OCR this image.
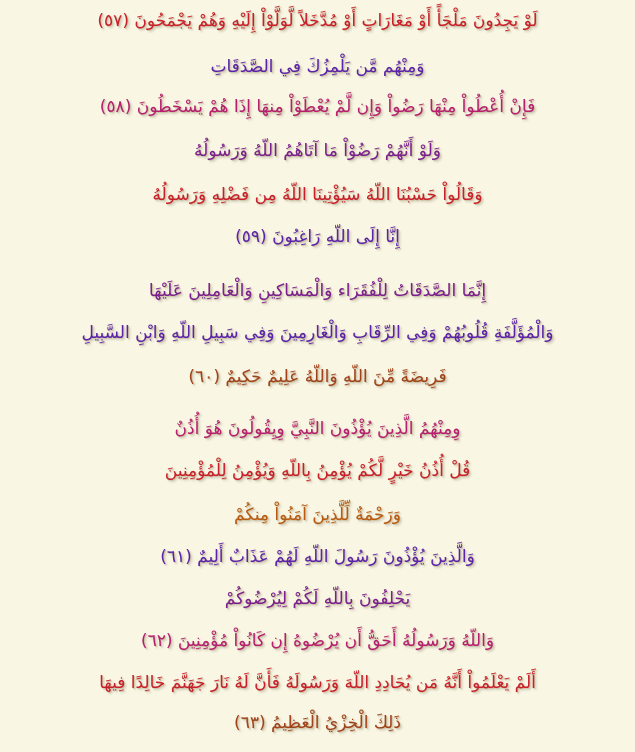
لَوْ يَجِدُونَ مَلْجَأً أَوْ مَغَارَاتٍ أَوْ مُدَّخَلاً لَّوَلَّوْاْ إِلَيْهِ وَهُمْ يَجْمَحُونَ (٥٧)
وَمِنْهُم مَّن يَلْمِزُكَ فِي الصَّدَقَاتِ
فَإِنْ أُعْطُواْ مِنْهَا رَضُواْ وَإِن لَّمْ يُعْطَوْاْ مِنهَا إِذَا هُمْ يَسْخَطُونَ (٥٨)
وَلَوْ أَنَّهُمْ رَضُوْاْ مَا آتَاهُمُ اللّهُ وَرَسُولُهُ
وَقَالُواْ حَسْبُنَا اللّهُ سَيُؤْتِينَا اللّهُ مِن فَضْلِهِ وَرَسُولُهُ
إِنَّا إِلَى اللّهِ رَاغِبُونَ (٥٩)
إِنَّمَا الصَّدَقَاتُ لِلْفُقَرَاء وَالْمَسَاكِينِ وَالْعَامِلِينَ عَلَيْهَا
وَالْمُؤَلَّفَةِ قُلُوبُهُمْ وَفِي الرِّقَابِ وَالْغَارِمِينَ وَفِي سَبِيلِ اللّهِ وَابْنِ السَّبِيلِ
فَرِيضَةً مِّنَ اللّهِ وَاللّهُ عَلِيمٌ حَكِيمٌ (٦٠)
وِمِنْهُمُ الَّذِينَ يُؤْذُونَ النَّبِيَّ وِيِقُولُونَ هُوَ أُذُنٌ
قُلْ أُذُنُ خَيْرٍ لَّكُمْ يُؤْمِنُ بِاللّهِ وَيُؤْمِنُ لِلْمُؤْمِنِينَ
وَرَحْمَةٌ لِّلَّذِينَ آمَنُواْ مِنكُمْ
وَالَّذِينَ يُؤْذُونَ رَسُولَ اللّهِ لَهُمْ عَذَابٌ أَلِيمٌ (٦١)
يَحْلِفُونَ بِاللّهِ لَكُمْ لِيُرْضُوكُمْ
وَاللّهُ وَرَسُولُهُ أَحَقُّ أَن يُرْضُوهُ إِن كَانُواْ مُؤْمِنِينَ (٦٢)
أَلَمْ يَعْلَمُواْ أَنَّهُ مَن يُحَادِدِ اللّهَ وَرَسُولَهُ فَأَنَّ لَهُ نَارَ جَهَنَّمَ خَالِدًا فِيهَا
ذَلِكَ الْخِزْيُ الْعَظِيمُ (٦٣)
